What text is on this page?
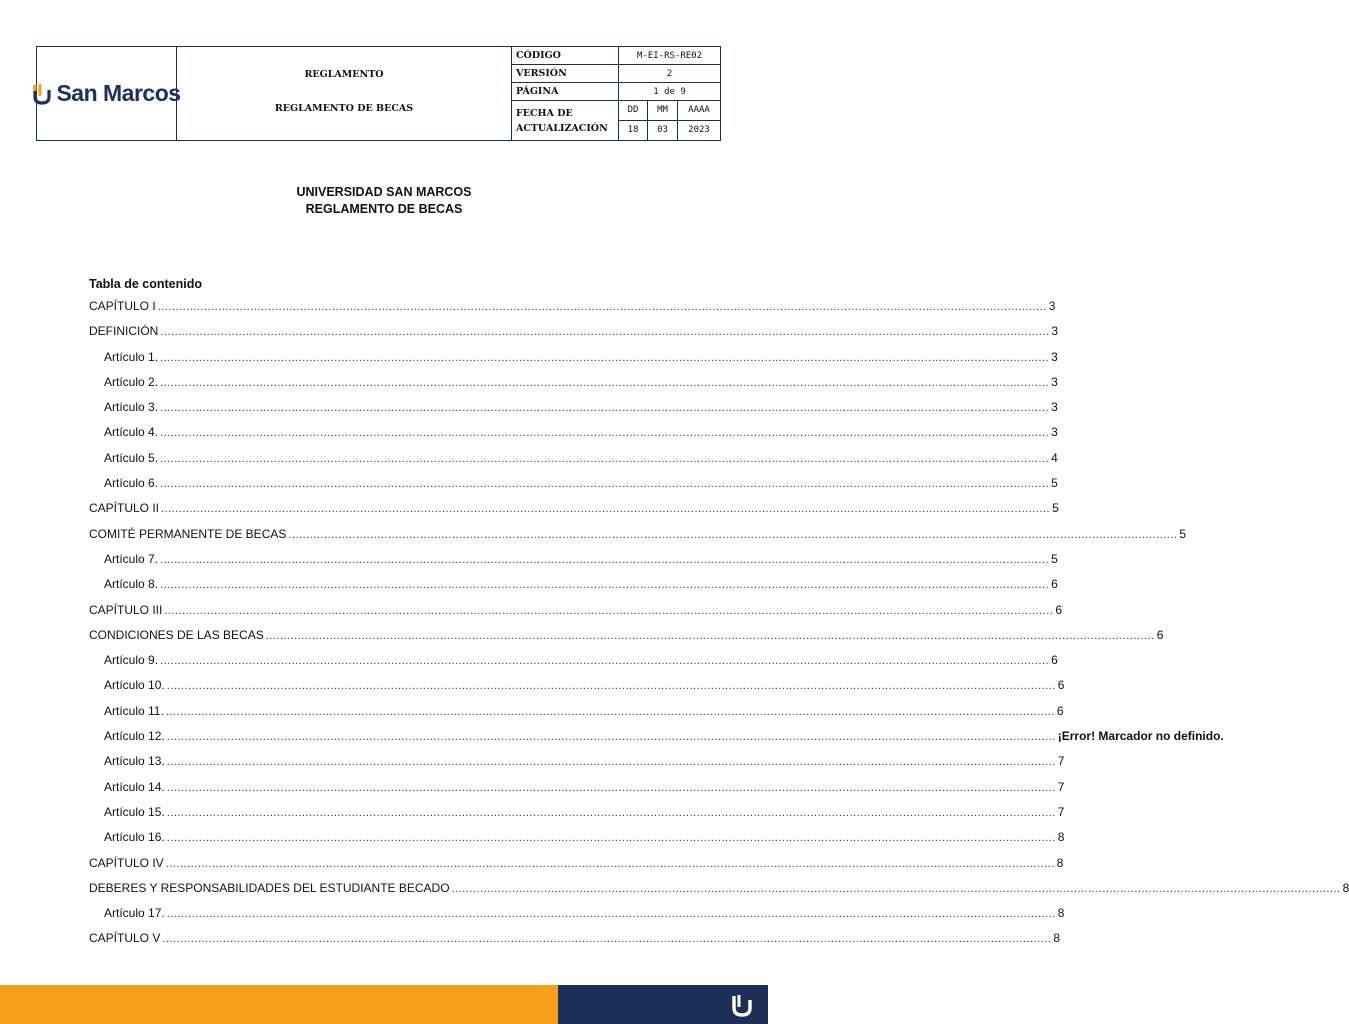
San Marcos
REGLAMENTO
REGLAMENTO DE BECAS
CÓDIGO	M-EI-RS-RE02
VERSIÓN	2
PÁGINA	1 de 9
FECHA DE
ACTUALIZACIÓN
DD	MM	AAAA
18	03	2023
UNIVERSIDAD SAN MARCOS
REGLAMENTO DE BECAS
Tabla de contenido
CAPÍTULO I .......................................................................................................................................................................................................................................................... 3
DEFINICIÓN .......................................................................................................................................................................................................................................................... 3
Artículo 1. .......................................................................................................................................................................................................................................................... 3
Artículo 2. .......................................................................................................................................................................................................................................................... 3
Artículo 3. .......................................................................................................................................................................................................................................................... 3
Artículo 4. .......................................................................................................................................................................................................................................................... 3
Artículo 5. .......................................................................................................................................................................................................................................................... 4
Artículo 6. .......................................................................................................................................................................................................................................................... 5
CAPÍTULO II .......................................................................................................................................................................................................................................................... 5
COMITÉ PERMANENTE DE BECAS .......................................................................................................................................................................................................................................................... 5
Artículo 7. .......................................................................................................................................................................................................................................................... 5
Artículo 8. .......................................................................................................................................................................................................................................................... 6
CAPÍTULO III .......................................................................................................................................................................................................................................................... 6
CONDICIONES DE LAS BECAS .......................................................................................................................................................................................................................................................... 6
Artículo 9. .......................................................................................................................................................................................................................................................... 6
Artículo 10. .......................................................................................................................................................................................................................................................... 6
Artículo 11. .......................................................................................................................................................................................................................................................... 6
Artículo 12. .......................................................................................................................................................................................................................................................... ¡Error! Marcador no definido.
Artículo 13. .......................................................................................................................................................................................................................................................... 7
Artículo 14. .......................................................................................................................................................................................................................................................... 7
Artículo 15. .......................................................................................................................................................................................................................................................... 7
Artículo 16. .......................................................................................................................................................................................................................................................... 8
CAPÍTULO IV .......................................................................................................................................................................................................................................................... 8
DEBERES Y RESPONSABILIDADES DEL ESTUDIANTE BECADO .......................................................................................................................................................................................................................................................... 8
Artículo 17. .......................................................................................................................................................................................................................................................... 8
CAPÍTULO V .......................................................................................................................................................................................................................................................... 8
